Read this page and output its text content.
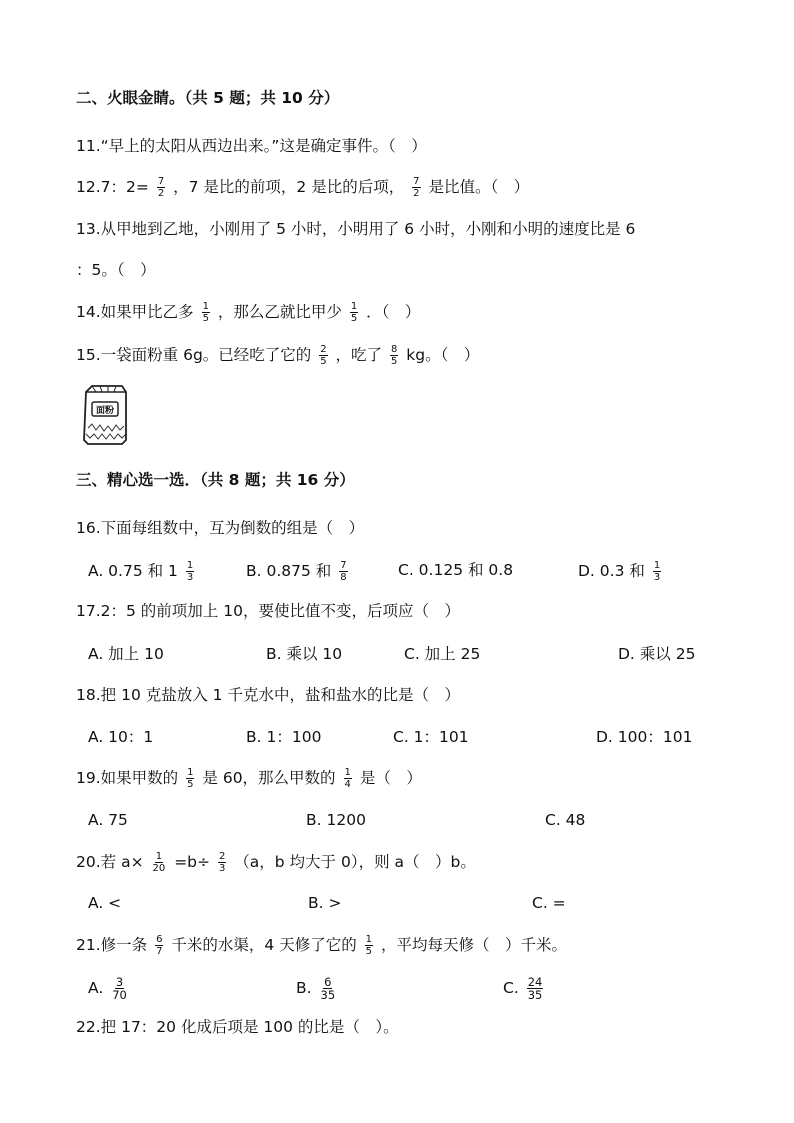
二、火眼金睛。（共 5 题；共 10 分）
11.“早上的太阳从西边出来。”这是确定事件。（　）
12.7：$2= \frac{7}{2}$ ，7 是比的前项，2 是比的后项， $\frac{7}{2}$ 是比值。（　）
13.从甲地到乙地，小刚用了 5 小时，小明用了 6 小时，小刚和小明的速度比是 6
：5。（　）
14.如果甲比乙多 $\frac{1}{5}$ ，那么乙就比甲少 $\frac{1}{5}$ ．（　）
15.一袋面粉重 6g。已经吃了它的 $\frac{2}{5}$ ，吃了 $\frac{8}{5}$ kg。（　）
面粉
三、精心选一选．（共 8 题；共 16 分）
16.下面每组数中，互为倒数的组是（　）
A. 0.75 和 $1 \frac{1}{3}$	B. 0.875 和 $\frac{7}{8}$	C. 0.125 和 0.8	D. 0.3 和 $\frac{1}{3}$
17.2：5 的前项加上 10，要使比值不变，后项应（　）
A. 加上 10	B. 乘以 10	C. 加上 25	D. 乘以 25
18.把 10 克盐放入 1 千克水中，盐和盐水的比是（　）
A. 10：1	B. 1：100	C. 1：101	D. 100：101
19.如果甲数的 $\frac{1}{5}$ 是 60，那么甲数的 $\frac{1}{4}$ 是（　）
A. 75	B. 1200	C. 48
20.若 $a\times \frac{1}{20} =b\div \frac{2}{3} (a$，b 均大于 0），则 a（　）b。
A. <	B. >	C. =
21.修一条 $\frac{6}{7}$ 千米的水渠，4 天修了它的 $\frac{1}{5}$ ，平均每天修（　）千米。
A. $\frac{3}{70}$	B. $\frac{6}{35}$	C. $\frac{24}{35}$
22.把 17：20 化成后项是 100 的比是（　）。
